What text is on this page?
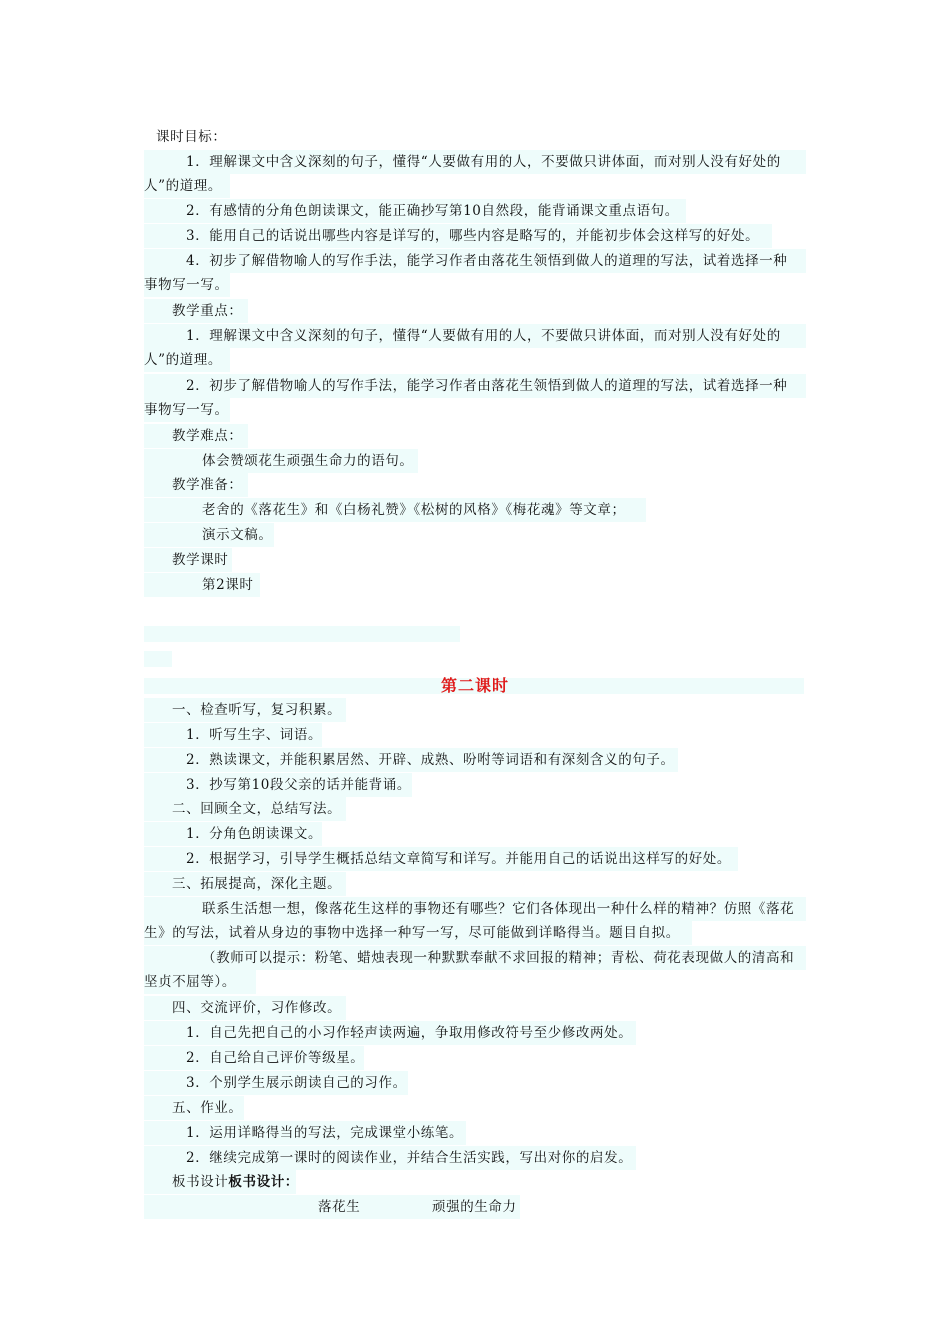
课时目标：
1．理解课文中含义深刻的句子，懂得“人要做有用的人，不要做只讲体面，而对别人没有好处的
人”的道理。
2．有感情的分角色朗读课文，能正确抄写第10自然段，能背诵课文重点语句。
3．能用自己的话说出哪些内容是详写的，哪些内容是略写的，并能初步体会这样写的好处。
4．初步了解借物喻人的写作手法，能学习作者由落花生领悟到做人的道理的写法，试着选择一种
事物写一写。
教学重点：
1．理解课文中含义深刻的句子，懂得“人要做有用的人，不要做只讲体面，而对别人没有好处的
人”的道理。
2．初步了解借物喻人的写作手法，能学习作者由落花生领悟到做人的道理的写法，试着选择一种
事物写一写。
教学难点：
体会赞颂花生顽强生命力的语句。
教学准备：
老舍的《落花生》和《白杨礼赞》《松树的风格》《梅花魂》等文章；
演示文稿。
教学课时
第2课时
第二课时
一、检查听写，复习积累。
1．听写生字、词语。
2．熟读课文，并能积累居然、开辟、成熟、吩咐等词语和有深刻含义的句子。
3．抄写第10段父亲的话并能背诵。
二、回顾全文，总结写法。
1．分角色朗读课文。
2．根据学习，引导学生概括总结文章简写和详写。并能用自己的话说出这样写的好处。
三、拓展提高，深化主题。
联系生活想一想，像落花生这样的事物还有哪些？它们各体现出一种什么样的精神？仿照《落花
生》的写法，试着从身边的事物中选择一种写一写，尽可能做到详略得当。题目自拟。
（教师可以提示：粉笔、蜡烛表现一种默默奉献不求回报的精神；青松、荷花表现做人的清高和
坚贞不屈等）。
四、交流评价，习作修改。
1．自己先把自己的小习作轻声读两遍，争取用修改符号至少修改两处。
2．自己给自己评价等级星。
3．个别学生展示朗读自己的习作。
五、作业。
1．运用详略得当的写法，完成课堂小练笔。
2．继续完成第一课时的阅读作业，并结合生活实践，写出对你的启发。
板书设计板书设计：
落花生	顽强的生命力
